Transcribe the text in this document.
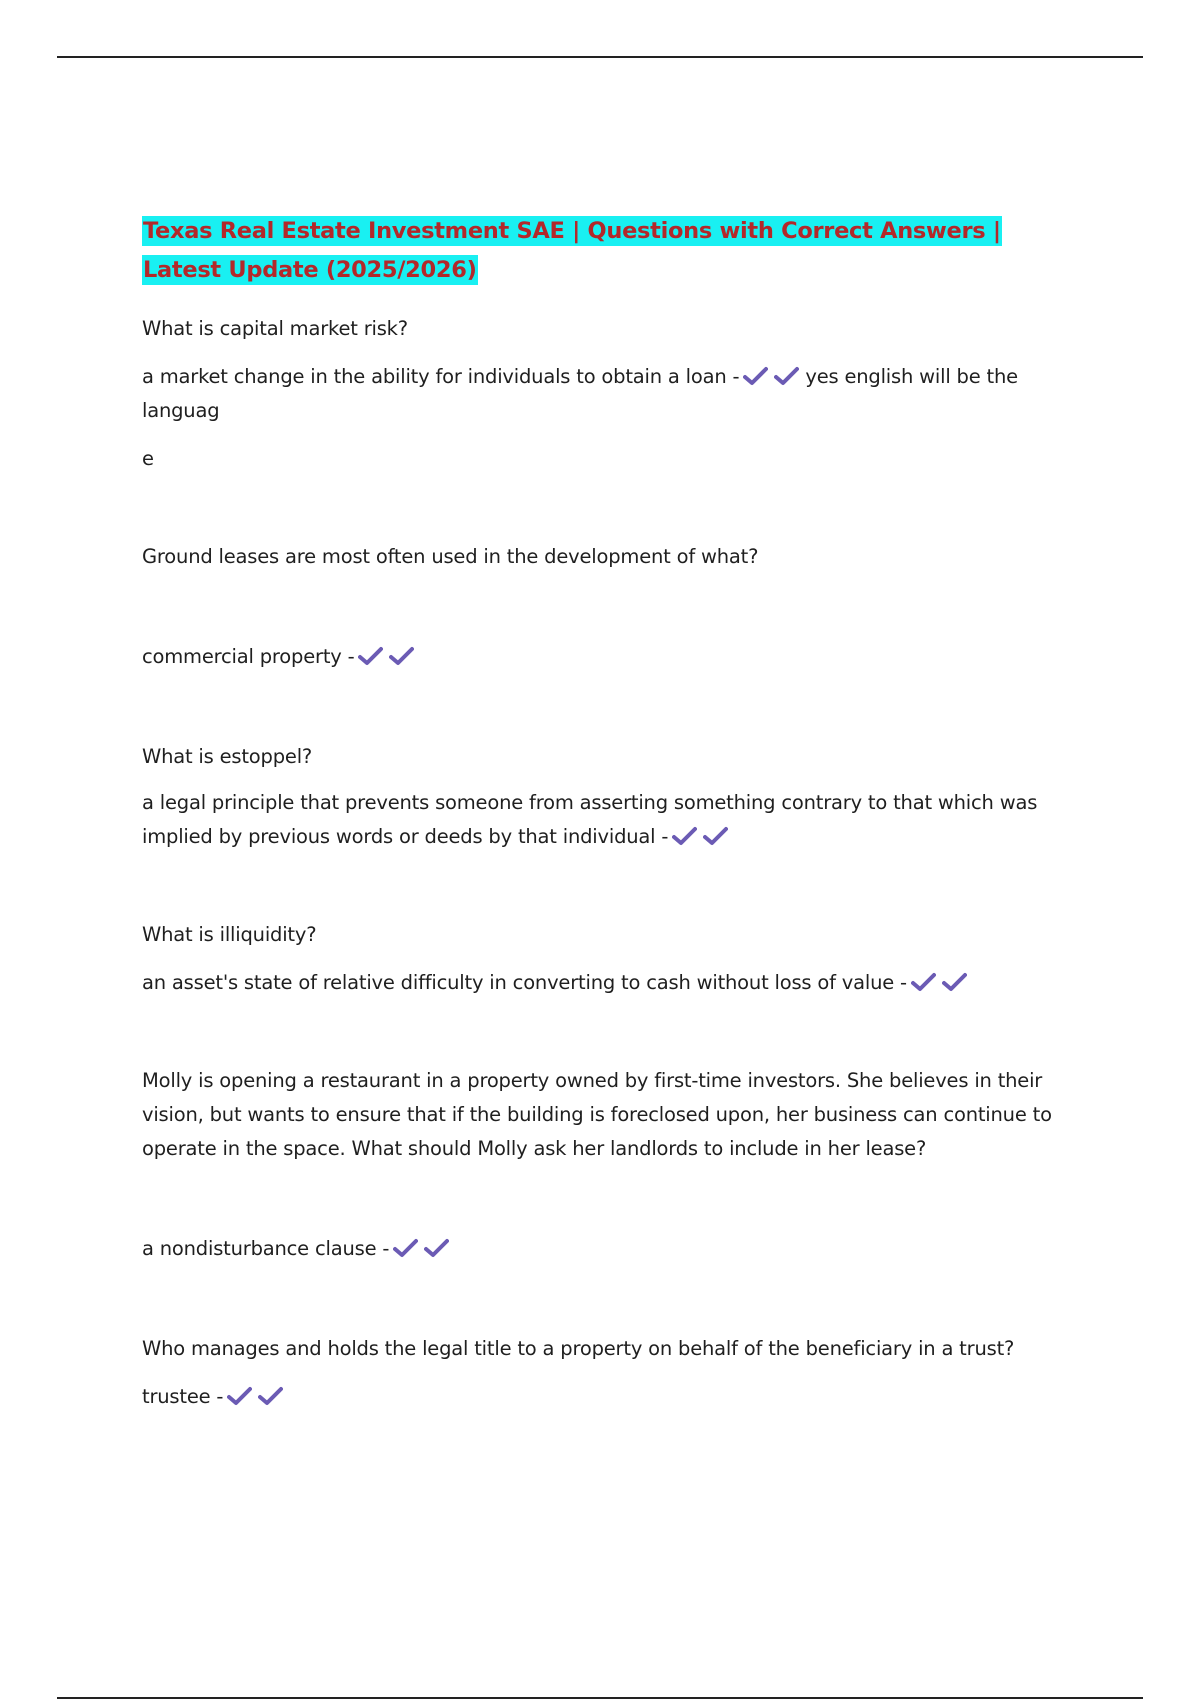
Texas Real Estate Investment SAE | Questions with Correct Answers | Latest Update (2025/2026)

What is capital market risk?

a market change in the ability for individuals to obtain a loan -	yes english will be the languag

e

Ground leases are most often used in the development of what?

commercial property -

What is estoppel?

a legal principle that prevents someone from asserting something contrary to that which was implied by previous words or deeds by that individual -

What is illiquidity?

an asset's state of relative difficulty in converting to cash without loss of value -

Molly is opening a restaurant in a property owned by first-time investors. She believes in their vision, but wants to ensure that if the building is foreclosed upon, her business can continue to operate in the space. What should Molly ask her landlords to include in her lease?

a nondisturbance clause -

Who manages and holds the legal title to a property on behalf of the beneficiary in a trust?

trustee -
